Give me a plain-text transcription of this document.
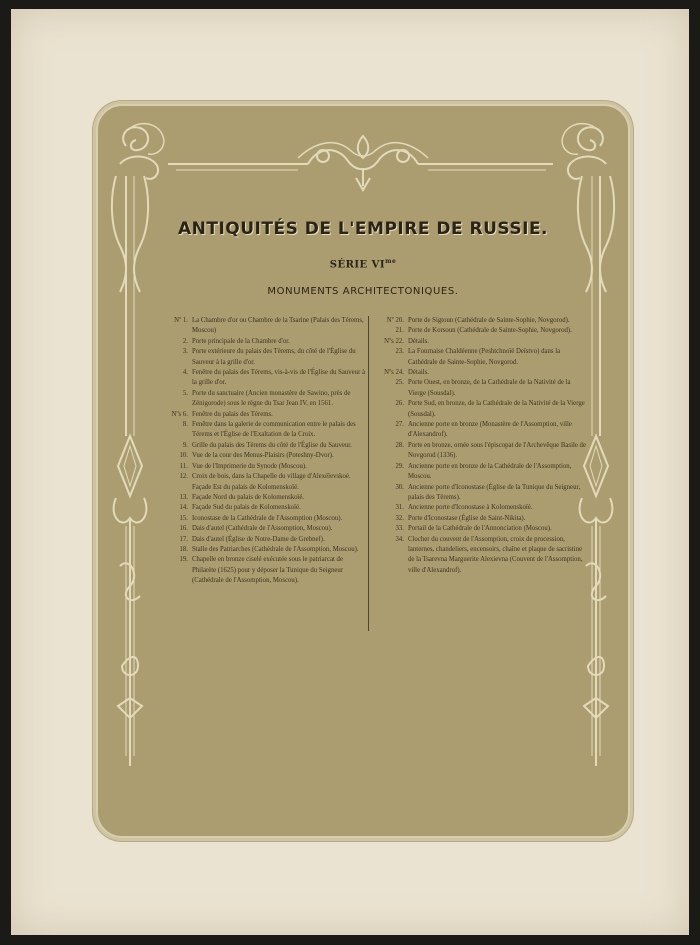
ANTIQUITÉS DE L'EMPIRE DE RUSSIE.
SÉRIE $VI^{me}$
MONUMENTS ARCHITECTONIQUES.
Nº 1. La Chambre d'or ou Chambre de la Tsarine (Palais des Térems, Moscou)
2. Porte principale de la Chambre d'or.
3. Porte extérieure du palais des Térems, du côté de l'Église du Sauveur à la grille d'or.
4. Fenêtre du palais des Térems, vis-à-vis de l'Église du Sauveur à la grille d'or.
5. Porte du sanctuaire (Ancien monastère de Sawino, près de Zénigorode) sous le règne du Tsar Jean IV, en 1561.
Nºs 6. Fenêtre du palais des Térems.
8. Fenêtre dans la galerie de communication entre le palais des Térems et l'Église de l'Exaltation de la Croix.
9. Grille du palais des Térems du côté de l'Église du Sauveur.
10. Vue de la cour des Menus-Plaisirs (Poteshny-Dvor).
11. Vue de l'Imprimerie du Synode (Moscou).
12. Croix de bois, dans la Chapelle du village d'Alexéïevskoé.
Façade Est du palais de Kolomenskoïé.
13. Façade Nord du palais de Kolomenskoïé.
14. Façade Sud du palais de Kolomenskoïé.
15. Iconostase de la Cathédrale de l'Assomption (Moscou).
16. Dais d'autel (Cathédrale de l'Assomption, Moscou).
17. Dais d'autel (Église de Notre-Dame de Grebnef).
18. Stalle des Patriarches (Cathédrale de l'Assomption, Moscou).
19. Chapelle en bronze ciselé exécutée sous le patriarcat de Philarète (1625) pour y déposer la Tunique du Seigneur (Cathédrale de l'Assomption, Moscou).
Nº 20. Porte de Sigtoun (Cathédrale de Sainte-Sophie, Novgorod).
21. Porte de Korsoun (Cathédrale de Sainte-Sophie, Novgorod).
Nºs 22. Détails.
23. La Fournaise Chaldéenne (Peshtchnoïé Deïstvo) dans la Cathédrale de Sainte-Sophie, Novgorod.
Nºs 24. Détails.
25. Porte Ouest, en bronze, de la Cathédrale de la Nativité de la Vierge (Sousdal).
26. Porte Sud, en bronze, de la Cathédrale de la Nativité de la Vierge (Sousdal).
27. Ancienne porte en bronze (Monastère de l'Assomption, ville d'Alexandrof).
28. Porte en bronze, ornée sous l'épiscopat de l'Archevêque Basile de Novgorod (1336).
29. Ancienne porte en bronze de la Cathédrale de l'Assomption, Moscou.
30. Ancienne porte d'Iconostase (Église de la Tunique du Seigneur, palais des Térems).
31. Ancienne porte d'Iconostase à Kolomenskoïé.
32. Porte d'Iconostase (Église de Saint-Nikita).
33. Portail de la Cathédrale de l'Annonciation (Moscou).
34. Clocher du couvent de l'Assomption, croix de procession, lanternes, chandeliers, encensoirs, chaîne et plaque de sacristine de la Tsarevna Marguerite Alexievna (Couvent de l'Assomption, ville d'Alexandrof).
